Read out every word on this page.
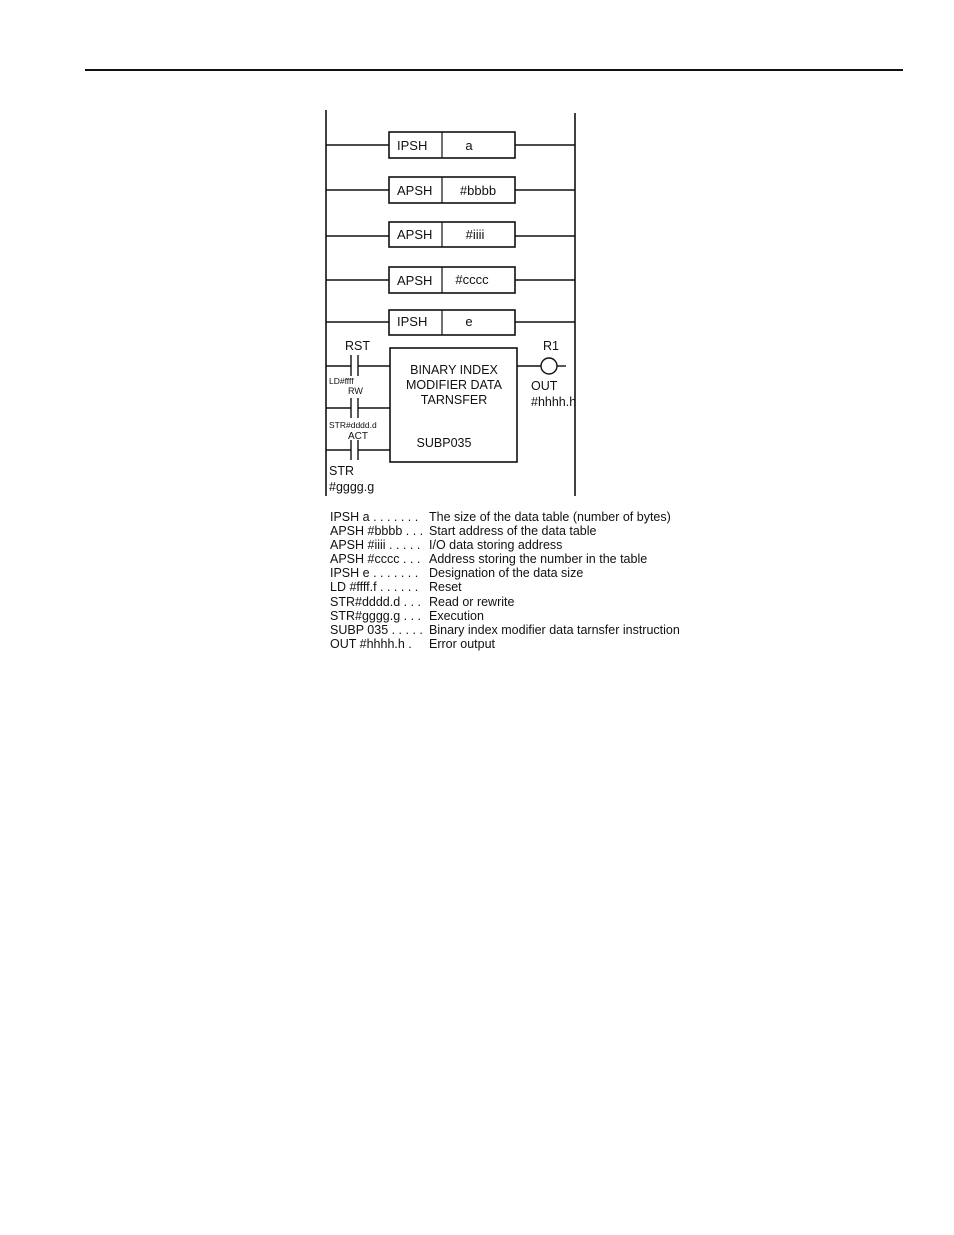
IPSH	a
APSH #bbbb
APSH	#iiii
APSH #cccc
IPSH	e
BINARY INDEX
MODIFIER DATA
TARNSFER
SUBP035
RST
LD#ffff
RW
STR#dddd.d
ACT
STR
#gggg.g
R1
OUT
#hhhh.h
IPSH a . . . . . . . The size of the data table (number of bytes)
APSH #bbbb . . . Start address of the data table
APSH #iiii . . . . . I/O data storing address
APSH #cccc . . . Address storing the number in the table
IPSH e . . . . . . . Designation of the data size
LD #ffff.f . . . . . . Reset
STR#dddd.d . . . Read or rewrite
STR#gggg.g . . . Execution
SUBP 035 . . . . . Binary index modifier data tarnsfer instruction
OUT #hhhh.h .	Error output
